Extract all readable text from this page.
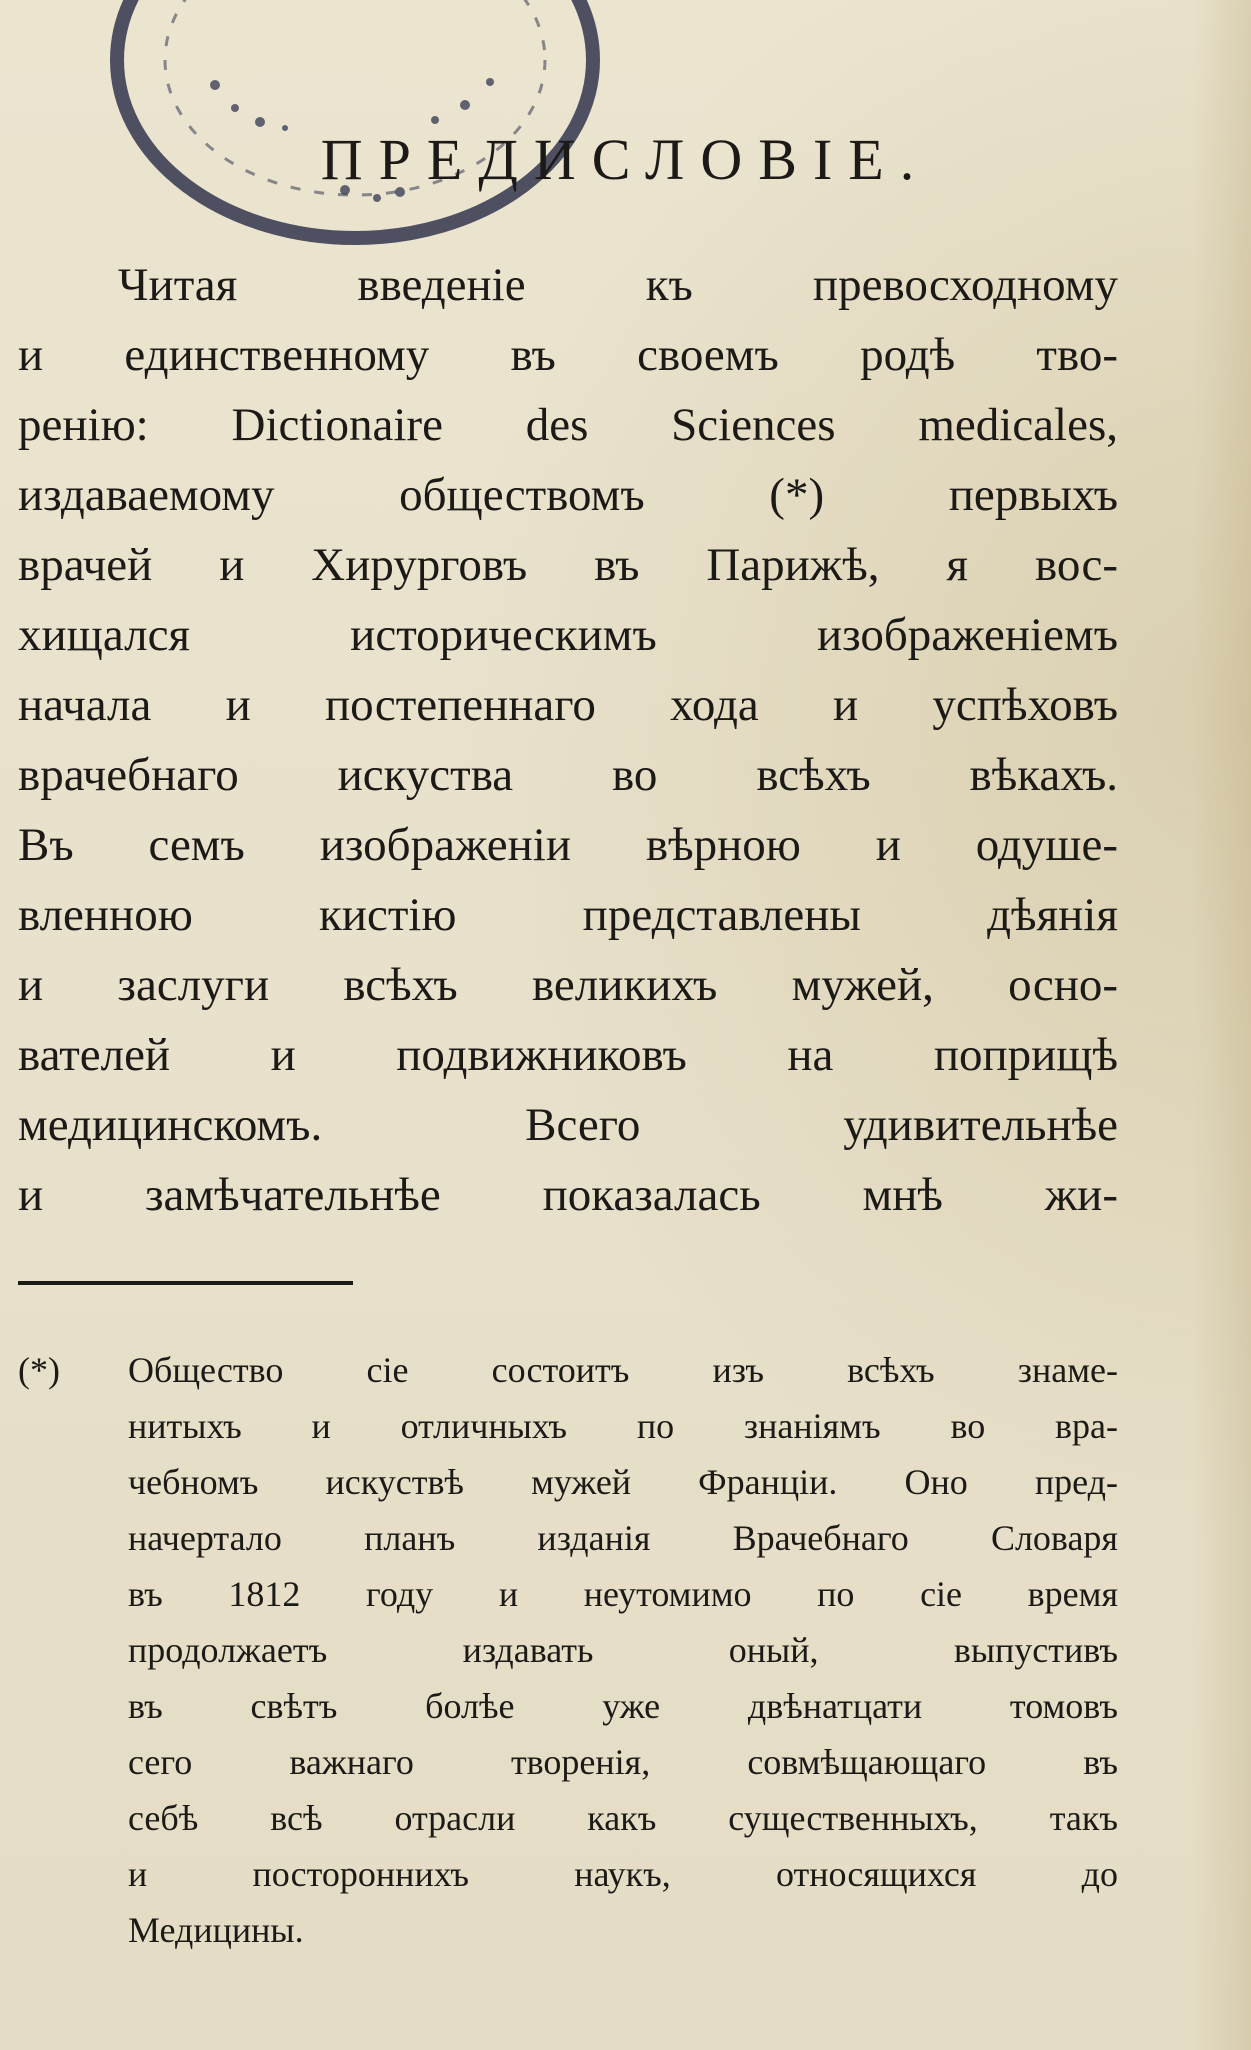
ПРЕДИСЛОВІЕ.
Читая введеніе къ превосходному
и единственному въ своемъ родѣ тво-
ренію: Dictionaire des Sciences medicales,
издаваемому обществомъ (*) первыхъ
врачей и Хирурговъ въ Парижѣ, я вос-
хищался историческимъ изображеніемъ
начала и постепеннаго хода и успѣховъ
врачебнаго искуства во всѣхъ вѣкахъ.
Въ семъ изображеніи вѣрною и одуше-
вленною кистію представлены дѣянія
и заслуги всѣхъ великихъ мужей, осно-
вателей и подвижниковъ на поприщѣ
медицинскомъ. Всего удивительнѣе
и замѣчательнѣе показалась мнѣ жи-
(*) Общество сіе состоитъ изъ всѣхъ знаме-
нитыхъ и отличныхъ по знаніямъ во вра-
чебномъ искуствѣ мужей Франціи. Оно пред-
начертало планъ изданія Врачебнаго Словаря
въ 1812 году и неутомимо по сіе время
продолжаетъ издавать оный, выпустивъ
въ свѣтъ болѣе уже двѣнатцати томовъ
сего важнаго творенія, совмѣщающаго въ
себѣ всѣ отрасли какъ существенныхъ, такъ
и постороннихъ наукъ, относящихся до
Медицины.
